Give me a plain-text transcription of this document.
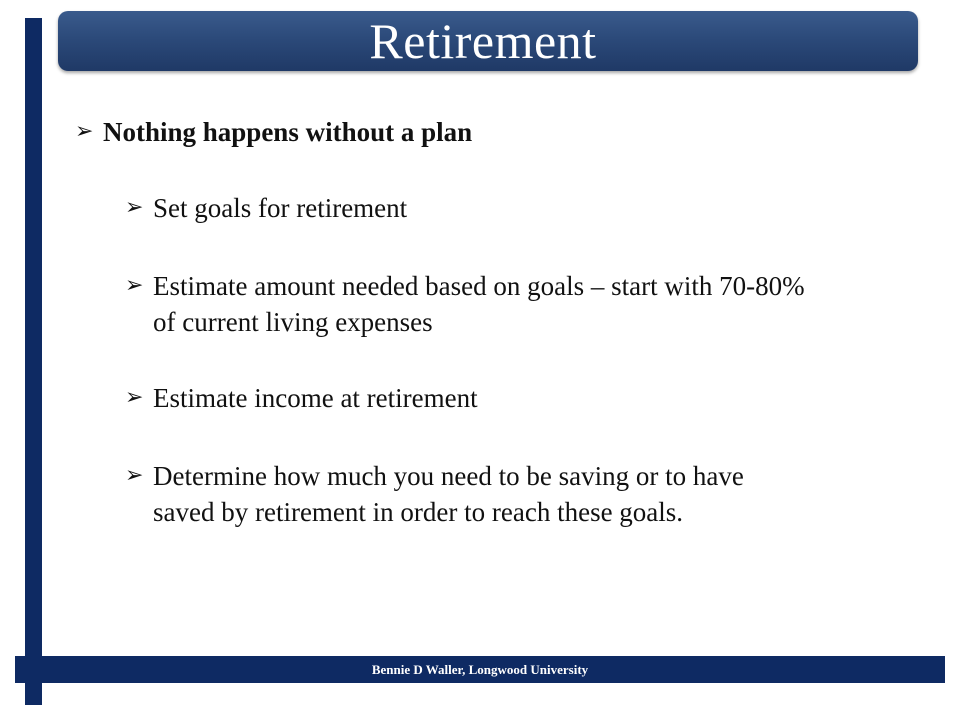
Retirement
➢ Nothing happens without a plan
➢ Set goals for retirement
➢ Estimate amount needed based on goals – start with 70-80%
of current living expenses
➢ Estimate income at retirement
➢ Determine how much you need to be saving or to have
saved by retirement in order to reach these goals.
Bennie D Waller, Longwood University
